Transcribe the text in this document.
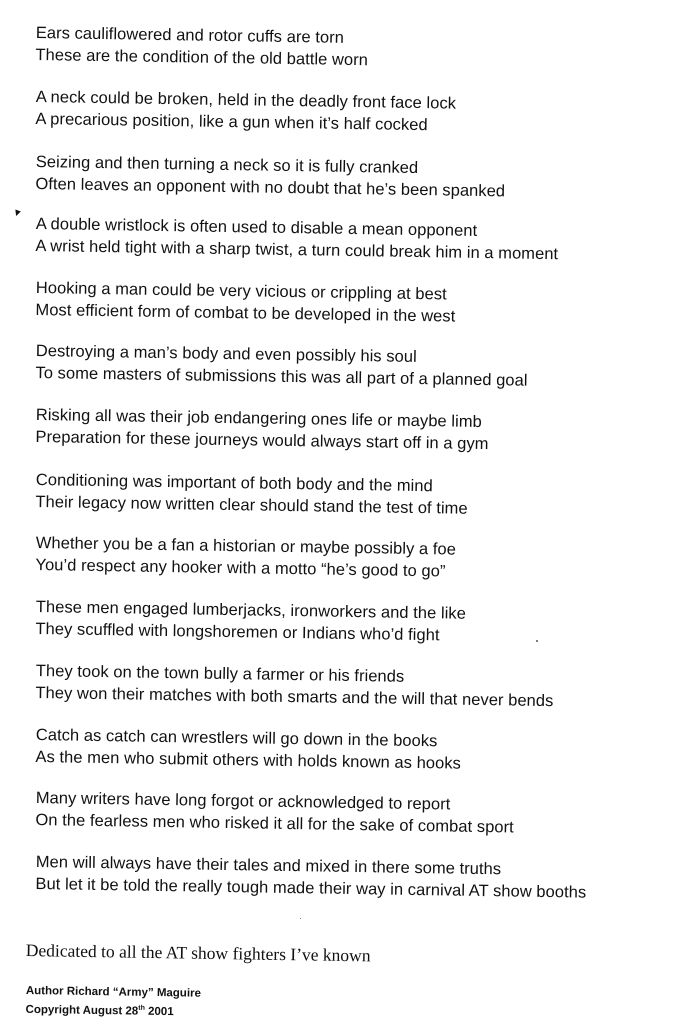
▼
Ears cauliflowered and rotor cuffs are torn
These are the condition of the old battle worn
A neck could be broken, held in the deadly front face lock
A precarious position, like a gun when it’s half cocked
Seizing and then turning a neck so it is fully cranked
Often leaves an opponent with no doubt that he’s been spanked
A double wristlock is often used to disable a mean opponent
A wrist held tight with a sharp twist, a turn could break him in a moment
Hooking a man could be very vicious or crippling at best
Most efficient form of combat to be developed in the west
Destroying a man’s body and even possibly his soul
To some masters of submissions this was all part of a planned goal
Risking all was their job endangering ones life or maybe limb
Preparation for these journeys would always start off in a gym
Conditioning was important of both body and the mind
Their legacy now written clear should stand the test of time
Whether you be a fan a historian or maybe possibly a foe
You’d respect any hooker with a motto “he’s good to go”
These men engaged lumberjacks, ironworkers and the like
They scuffled with longshoremen or Indians who’d fight
They took on the town bully a farmer or his friends
They won their matches with both smarts and the will that never bends
Catch as catch can wrestlers will go down in the books
As the men who submit others with holds known as hooks
Many writers have long forgot or acknowledged to report
On the fearless men who risked it all for the sake of combat sport
Men will always have their tales and mixed in there some truths
But let it be told the really tough made their way in carnival AT show booths
Dedicated to all the AT show fighters I’ve known
Author Richard “Army” Maguire
Copyright August 28th 2001
